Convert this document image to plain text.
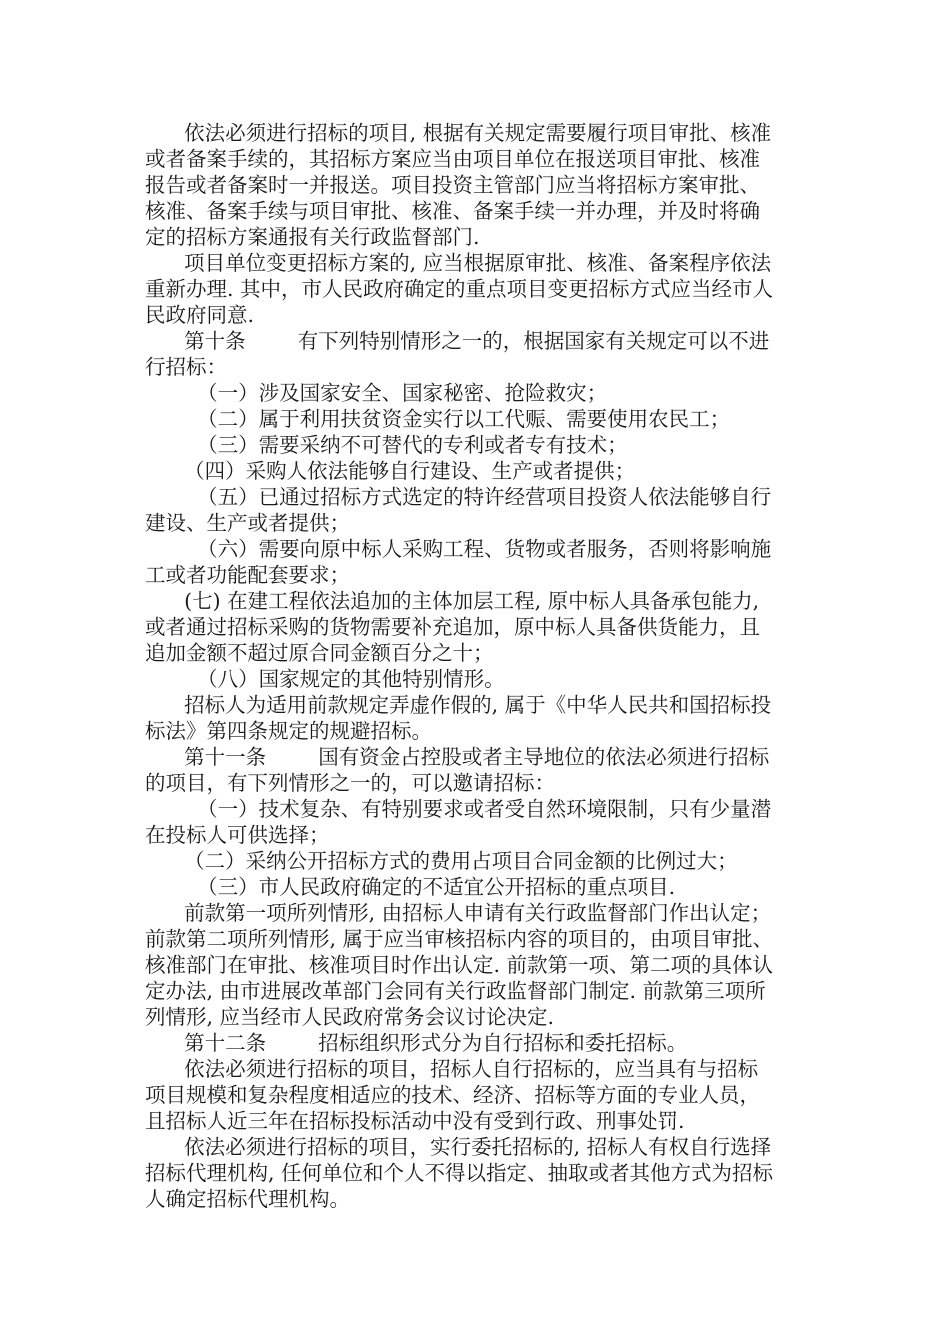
依法必须进行招标的项目, 根据有关规定需要履行项目审批、核准
或者备案手续的，其招标方案应当由项目单位在报送项目审批、核准
报告或者备案时一并报送。项目投资主管部门应当将招标方案审批、
核准、备案手续与项目审批、核准、备案手续一并办理，并及时将确
定的招标方案通报有关行政监督部门.
项目单位变更招标方案的, 应当根据原审批、核准、备案程序依法
重新办理. 其中，市人民政府确定的重点项目变更招标方式应当经市人
民政府同意.
第十条        有下列特别情形之一的，根据国家有关规定可以不进
行招标：
（一）涉及国家安全、国家秘密、抢险救灾；
（二）属于利用扶贫资金实行以工代赈、需要使用农民工；
（三）需要采纳不可替代的专利或者专有技术；
（四）采购人依法能够自行建设、生产或者提供；
（五）已通过招标方式选定的特许经营项目投资人依法能够自行
建设、生产或者提供；
（六）需要向原中标人采购工程、货物或者服务，否则将影响施
工或者功能配套要求；
(七) 在建工程依法追加的主体加层工程, 原中标人具备承包能力,
或者通过招标采购的货物需要补充追加，原中标人具备供货能力，且
追加金额不超过原合同金额百分之十；
（八）国家规定的其他特别情形。
招标人为适用前款规定弄虚作假的, 属于《中华人民共和国招标投
标法》第四条规定的规避招标。
第十一条        国有资金占控股或者主导地位的依法必须进行招标
的项目，有下列情形之一的，可以邀请招标：
（一）技术复杂、有特别要求或者受自然环境限制，只有少量潜
在投标人可供选择；
（二）采纳公开招标方式的费用占项目合同金额的比例过大；
（三）市人民政府确定的不适宜公开招标的重点项目.
前款第一项所列情形, 由招标人申请有关行政监督部门作出认定；
前款第二项所列情形, 属于应当审核招标内容的项目的，由项目审批、
核准部门在审批、核准项目时作出认定. 前款第一项、第二项的具体认
定办法, 由市进展改革部门会同有关行政监督部门制定. 前款第三项所
列情形, 应当经市人民政府常务会议讨论决定.
第十二条        招标组织形式分为自行招标和委托招标。
依法必须进行招标的项目，招标人自行招标的，应当具有与招标
项目规模和复杂程度相适应的技术、经济、招标等方面的专业人员，
且招标人近三年在招标投标活动中没有受到行政、刑事处罚.
依法必须进行招标的项目，实行委托招标的, 招标人有权自行选择
招标代理机构, 任何单位和个人不得以指定、抽取或者其他方式为招标
人确定招标代理机构。
